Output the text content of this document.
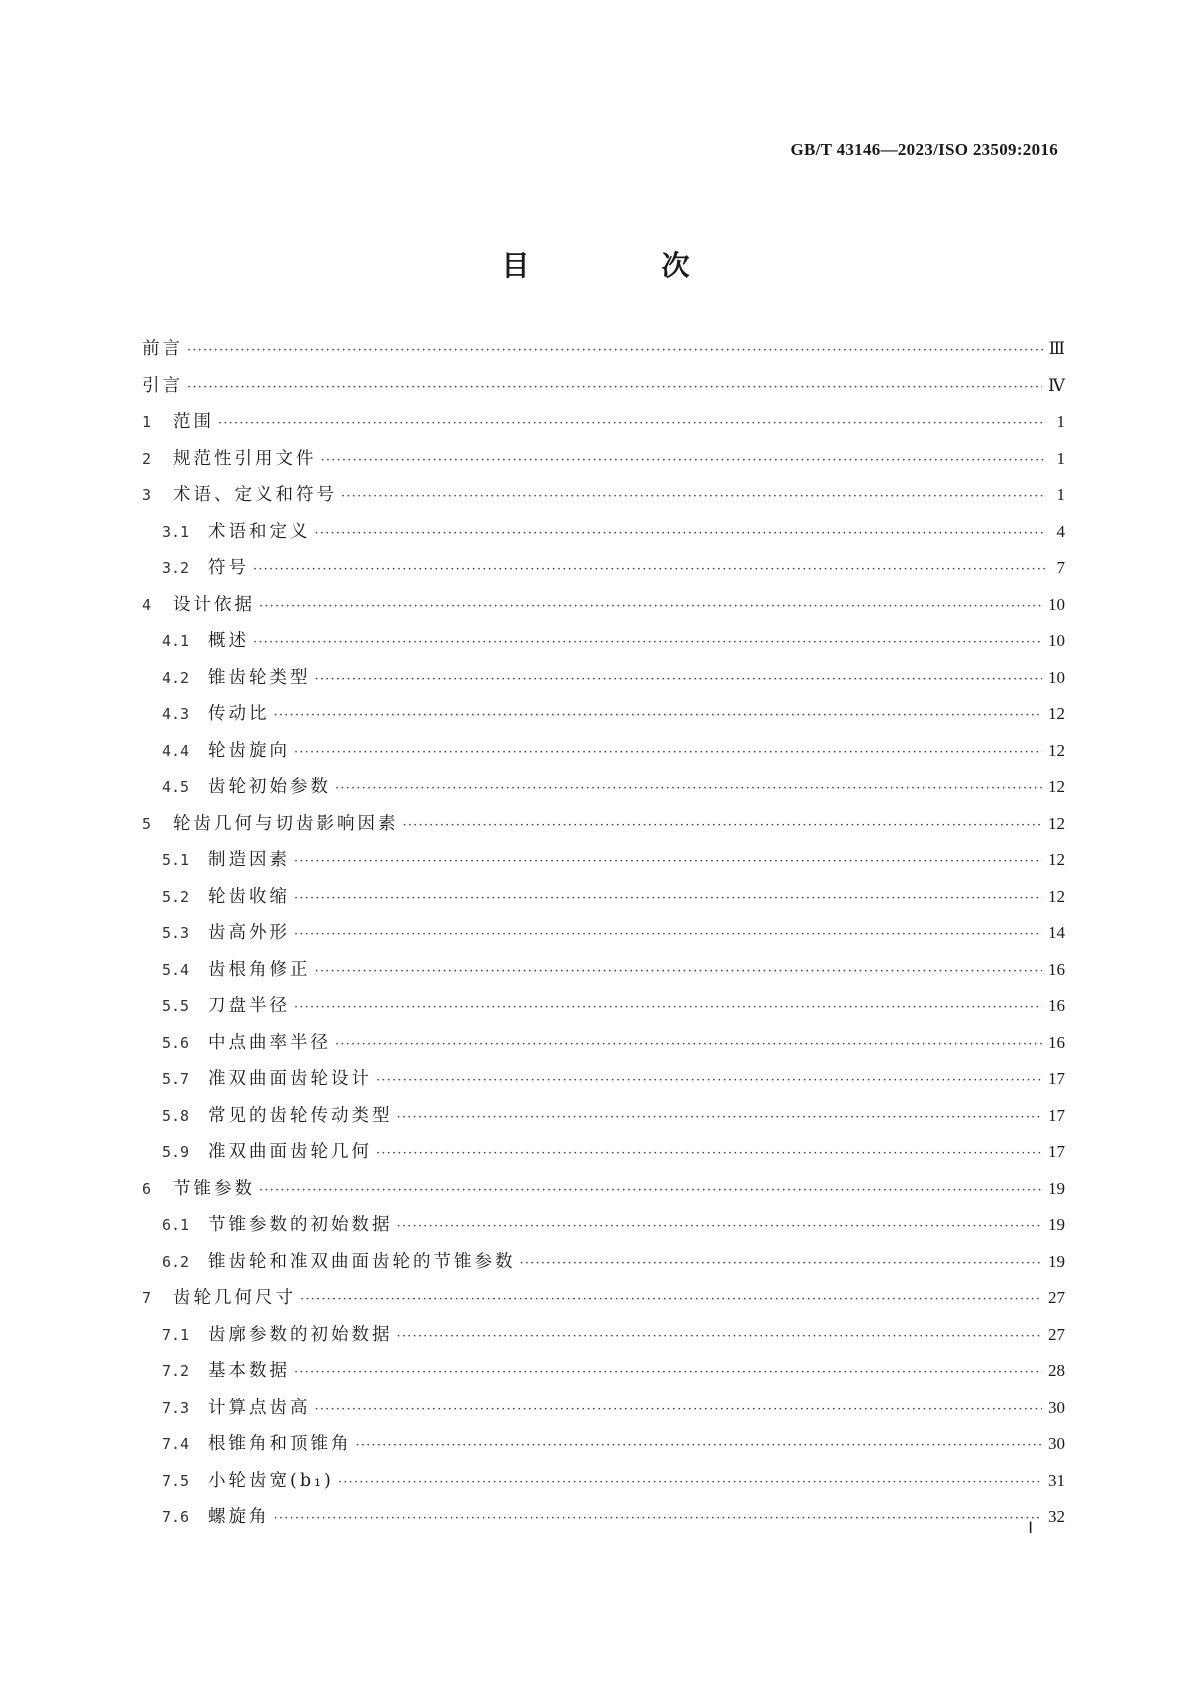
GB/T 43146—2023/ISO 23509:2016
目　次
前言 ·····	Ⅲ
引言 ·····	Ⅳ
1	范围 ·····	1
2	规范性引用文件 ·····	1
3	术语、定义和符号 ·····	1
3.1	术语和定义 ·····	4
3.2	符号 ·····	7
4	设计依据 ·····	10
4.1	概述 ·····	10
4.2	锥齿轮类型 ·····	10
4.3	传动比 ·····	12
4.4	轮齿旋向 ·····	12
4.5	齿轮初始参数 ·····	12
5	轮齿几何与切齿影响因素 ·····	12
5.1	制造因素 ·····	12
5.2	轮齿收缩 ·····	12
5.3	齿高外形 ·····	14
5.4	齿根角修正 ·····	16
5.5	刀盘半径 ·····	16
5.6	中点曲率半径 ·····	16
5.7	准双曲面齿轮设计 ·····	17
5.8	常见的齿轮传动类型 ·····	17
5.9	准双曲面齿轮几何 ·····	17
6	节锥参数 ·····	19
6.1	节锥参数的初始数据 ·····	19
6.2	锥齿轮和准双曲面齿轮的节锥参数 ·····	19
7	齿轮几何尺寸 ·····	27
7.1	齿廓参数的初始数据 ·····	27
7.2	基本数据 ·····	28
7.3	计算点齿高 ·····	30
7.4	根锥角和顶锥角 ·····	30
7.5	小轮齿宽(b₁) ·····	31
7.6	螺旋角 ·····	32
Ⅰ
